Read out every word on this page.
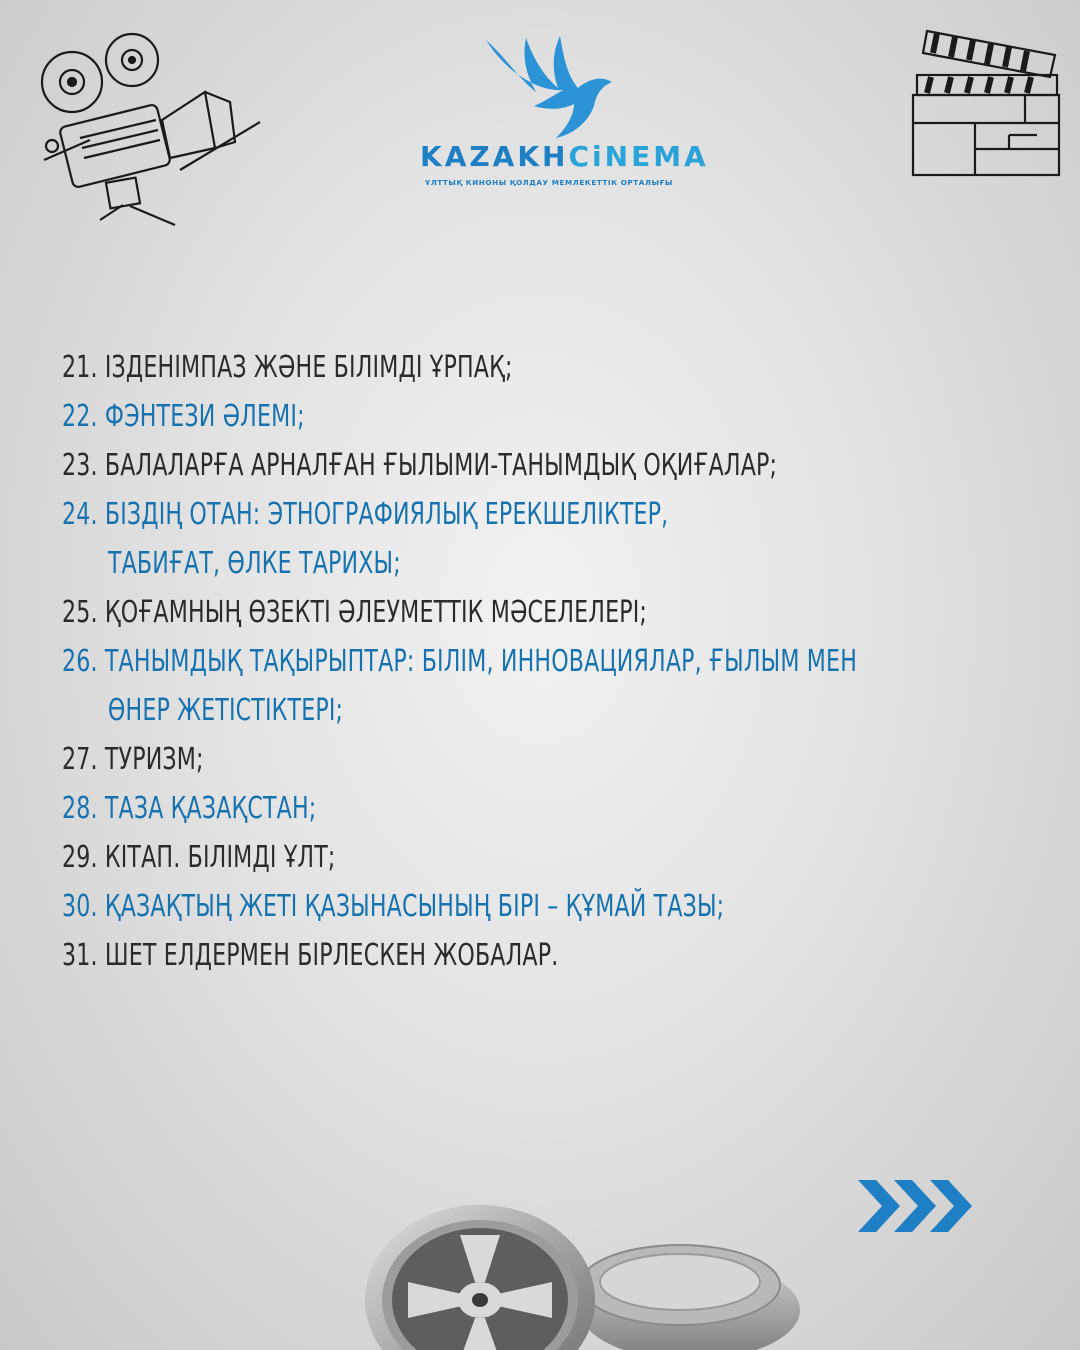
KAZAKHCiNEMA
ҰЛТТЫҚ КИНОНЫ ҚОЛДАУ МЕМЛЕКЕТТІК ОРТАЛЫҒЫ
21. ІЗДЕНІМПАЗ ЖӘНЕ БІЛІМДІ ҰРПАҚ;
22. ФЭНТЕЗИ ӘЛЕМІ;
23. БАЛАЛАРҒА АРНАЛҒАН ҒЫЛЫМИ-ТАНЫМДЫҚ ОҚИҒАЛАР;
24. БІЗДІҢ ОТАН: ЭТНОГРАФИЯЛЫҚ ЕРЕКШЕЛІКТЕР,
ТАБИҒАТ, ӨЛКЕ ТАРИХЫ;
25. ҚОҒАМНЫҢ ӨЗЕКТІ ӘЛЕУМЕТТІК МӘСЕЛЕЛЕРІ;
26. ТАНЫМДЫҚ ТАҚЫРЫПТАР: БІЛІМ, ИННОВАЦИЯЛАР, ҒЫЛЫМ МЕН
ӨНЕР ЖЕТІСТІКТЕРІ;
27. ТУРИЗМ;
28. ТАЗА ҚАЗАҚСТАН;
29. КІТАП. БІЛІМДІ ҰЛТ;
30. ҚАЗАҚТЫҢ ЖЕТІ ҚАЗЫНАСЫНЫҢ БІРІ – ҚҰМАЙ ТАЗЫ;
31. ШЕТ ЕЛДЕРМЕН БІРЛЕСКЕН ЖОБАЛАР.
